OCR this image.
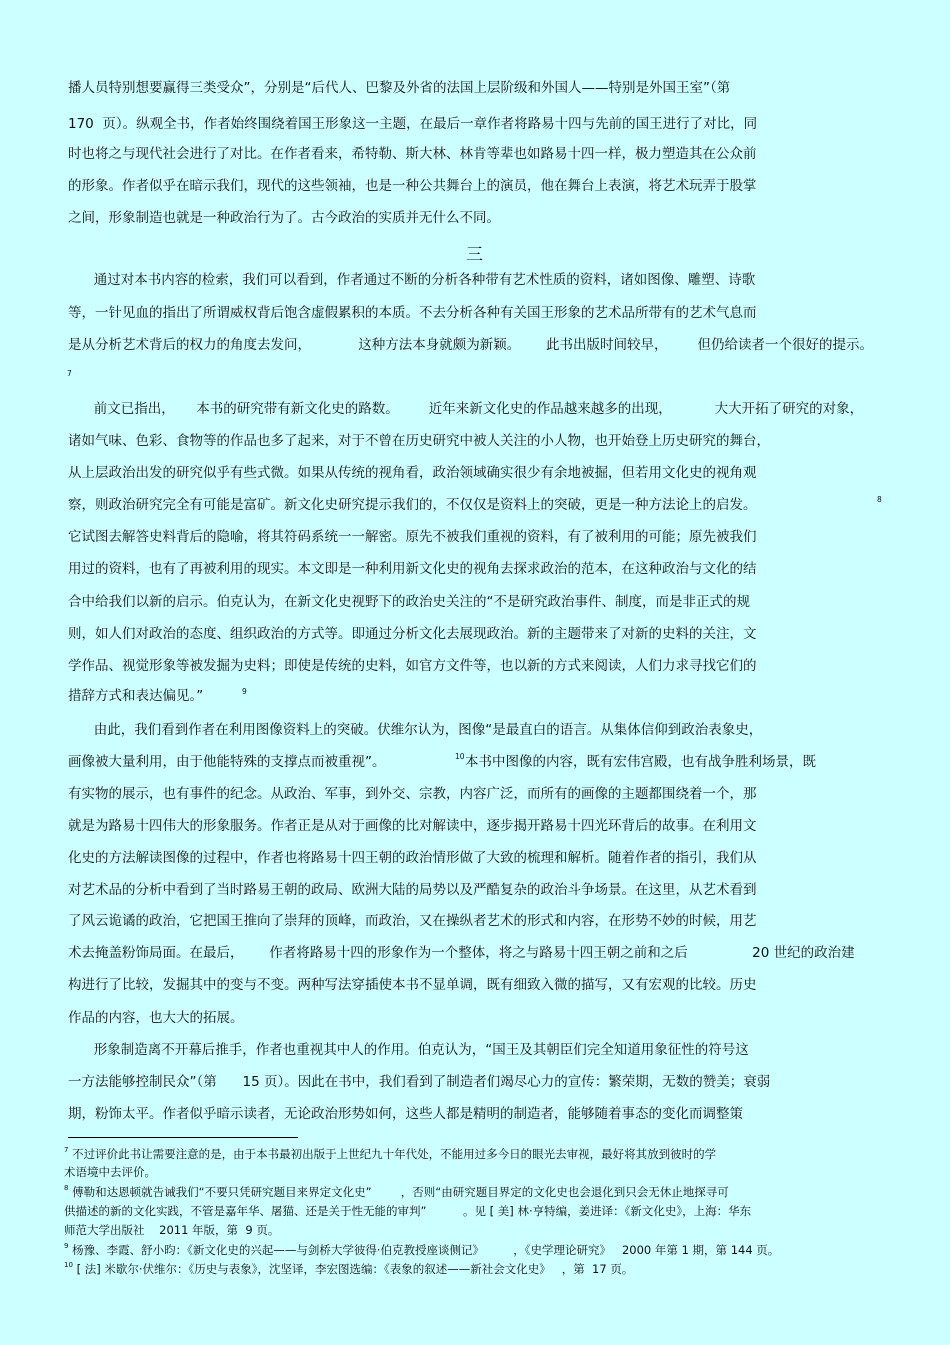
播人员特别想要赢得三类受众”，分别是“后代人、巴黎及外省的法国上层阶级和外国人——特别是外国王室”（第
170  页）。纵观全书，作者始终围绕着国王形象这一主题，在最后一章作者将路易十四与先前的国王进行了对比，同
时也将之与现代社会进行了对比。在作者看来，希特勒、斯大林、林肯等辈也如路易十四一样，极力塑造其在公众前
的形象。作者似乎在暗示我们，现代的这些领袖，也是一种公共舞台上的演员，他在舞台上表演，将艺术玩弄于股掌
之间，形象制造也就是一种政治行为了。古今政治的实质并无什么不同。
三
通过对本书内容的检索，我们可以看到，作者通过不断的分析各种带有艺术性质的资料，诸如图像、雕塑、诗歌
等，一针见血的指出了所谓威权背后饱含虚假累积的本质。不去分析各种有关国王形象的艺术品所带有的艺术气息而
是从分析艺术背后的权力的角度去发问，           这种方法本身就颇为新颖。      此书出版时间较早，       但仍给读者一个很好的提示。
7
前文已指出，     本书的研究带有新文化史的路数。       近年来新文化史的作品越来越多的出现，          大大开拓了研究的对象，
诸如气味、色彩、食物等的作品也多了起来，对于不曾在历史研究中被人关注的小人物，也开始登上历史研究的舞台，
从上层政治出发的研究似乎有些式微。如果从传统的视角看，政治领域确实很少有余地被掘，但若用文化史的视角观
察，则政治研究完全有可能是富矿。新文化史研究提示我们的，不仅仅是资料上的突破，更是一种方法论上的启发。	8
它试图去解答史料背后的隐喻，将其符码系统一一解密。原先不被我们重视的资料，有了被利用的可能；原先被我们
用过的资料，也有了再被利用的现实。本文即是一种利用新文化史的视角去探求政治的范本，在这种政治与文化的结
合中给我们以新的启示。伯克认为，在新文化史视野下的政治史关注的“不是研究政治事件、制度，而是非正式的规
则，如人们对政治的态度、组织政治的方式等。即通过分析文化去展现政治。新的主题带来了对新的史料的关注，文
学作品、视觉形象等被发掘为史料；即使是传统的史料，如官方文件等，也以新的方式来阅读，人们力求寻找它们的
措辞方式和表达偏见。”	9
由此，我们看到作者在利用图像资料上的突破。伏维尔认为，图像“是最直白的语言。从集体信仰到政治表象史，
画像被大量利用，由于他能特殊的支撑点而被重视”。	10 本书中图像的内容，既有宏伟宫殿，也有战争胜利场景，既
有实物的展示，也有事件的纪念。从政治、军事，到外交、宗教，内容广泛，而所有的画像的主题都围绕着一个，那
就是为路易十四伟大的形象服务。作者正是从对于画像的比对解读中，逐步揭开路易十四光环背后的故事。在利用文
化史的方法解读图像的过程中，作者也将路易十四王朝的政治情形做了大致的梳理和解析。随着作者的指引，我们从
对艺术品的分析中看到了当时路易王朝的政局、欧洲大陆的局势以及严酷复杂的政治斗争场景。在这里，从艺术看到
了风云诡谲的政治，它把国王推向了崇拜的顶峰，而政治，又在操纵者艺术的形式和内容，在形势不妙的时候，用艺
术去掩盖粉饰局面。在最后，      作者将路易十四的形象作为一个整体，将之与路易十四王朝之前和之后               20 世纪的政治建
构进行了比较，发掘其中的变与不变。两种写法穿插使本书不显单调，既有细致入微的描写，又有宏观的比较。历史
作品的内容，也大大的拓展。
形象制造离不开幕后推手，作者也重视其中人的作用。伯克认为，“国王及其朝臣们完全知道用象征性的符号这
一方法能够控制民众”（第      15 页）。因此在书中，我们看到了制造者们竭尽心力的宣传：繁荣期，无数的赞美；衰弱
期，粉饰太平。作者似乎暗示读者，无论政治形势如何，这些人都是精明的制造者，能够随着事态的变化而调整策
$^7$ 不过评价此书让需要注意的是，由于本书最初出版于上世纪九十年代处，不能用过多今日的眼光去审视，最好将其放到彼时的学
术语境中去评价。
$^8$ 傅勒和达恩顿就告诫我们“不要只凭研究题目来界定文化史”        ，否则“由研究题目界定的文化史也会退化到只会无休止地探寻可
供描述的新的文化实践，不管是嘉年华、屠猫、还是关于性无能的审判”          。见 [ 美] 林·亨特编，姜进译：《新文化史》，上海：华东
师范大学出版社    2011 年版，第  9 页。
$^9$ 杨豫、李霞、舒小昀：《新文化史的兴起——与剑桥大学彼得·伯克教授座谈侧记》        ，《史学理论研究》   2000 年第 1 期，第 144 页。
$^{10}$ [ 法] 米歇尔·伏维尔：《历史与表象》，沈坚译，李宏图选编：《表象的叙述——新社会文化史》   ，第  17 页。
